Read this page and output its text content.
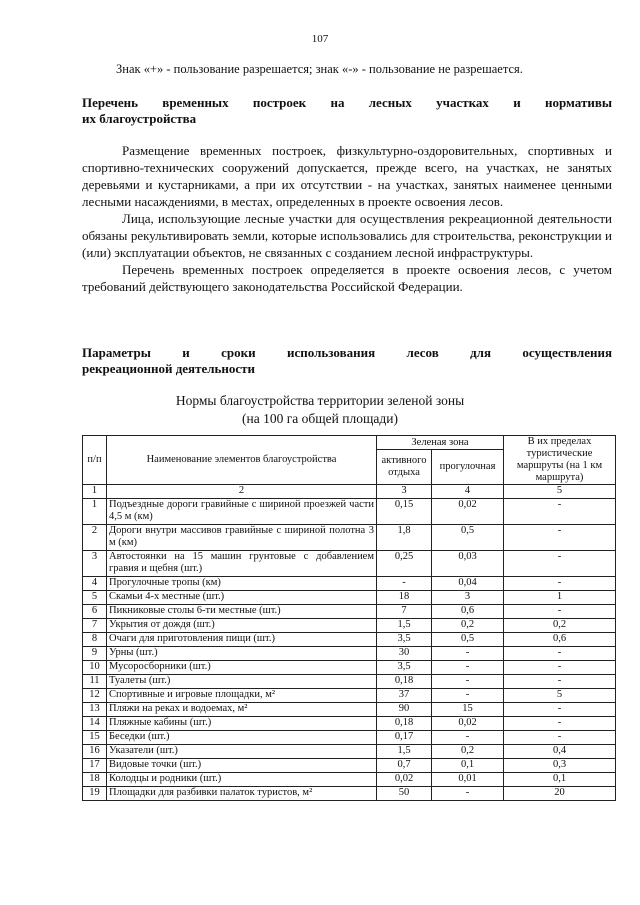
107
Знак «+» - пользование разрешается; знак «-» - пользование не разрешается.
Перечень временных построек на лесных участках и нормативы
их благоустройства

Размещение временных построек, физкультурно-оздоровительных, спортивных и спортивно-технических сооружений допускается, прежде всего, на участках, не занятых деревьями и кустарниками, а при их отсутствии - на участках, занятых наименее ценными лесными насаждениями, в местах, определенных в проекте освоения лесов.

Лица, использующие лесные участки для осуществления рекреационной деятельности обязаны рекультивировать земли, которые использовались для строительства, реконструкции и (или) эксплуатации объектов, не связанных с созданием лесной инфраструктуры.

Перечень временных построек определяется в проекте освоения лесов, с учетом требований действующего законодательства Российской Федерации.

Параметры и сроки использования лесов для осуществления
рекреационной деятельности
Нормы благоустройства территории зеленой зоны
(на 100 га общей площади)
п/п	Наименование элементов благоустройства	Зеленая зона		В их пределах туристические маршруты (на 1 км маршрута)
		активного отдыха	прогулочная	
1	2	3	4	5
1	Подъездные дороги гравийные с шириной проезжей части 4,5 м (км)	0,15	0,02	-
2	Дороги внутри массивов гравийные с шириной полотна 3 м (км)	1,8	0,5	-
3	Автостоянки на 15 машин грунтовые с добавлением гравия и щебня (шт.)	0,25	0,03	-
4	Прогулочные тропы (км)	-	0,04	-
5	Скамьи 4-х местные (шт.)	18	3	1
6	Пикниковые столы 6-ти местные (шт.)	7	0,6	-
7	Укрытия от дождя (шт.)	1,5	0,2	0,2
8	Очаги для приготовления пищи (шт.)	3,5	0,5	0,6
9	Урны (шт.)	30	-	-
10	Мусоросборники (шт.)	3,5	-	-
11	Туалеты (шт.)	0,18	-	-
12	Спортивные и игровые площадки, м²	37	-	5
13	Пляжи на реках и водоемах, м²	90	15	-
14	Пляжные кабины (шт.)	0,18	0,02	-
15	Беседки (шт.)	0,17	-	-
16	Указатели (шт.)	1,5	0,2	0,4
17	Видовые точки (шт.)	0,7	0,1	0,3
18	Колодцы и родники (шт.)	0,02	0,01	0,1
19	Площадки для разбивки палаток туристов, м²	50	-	20
